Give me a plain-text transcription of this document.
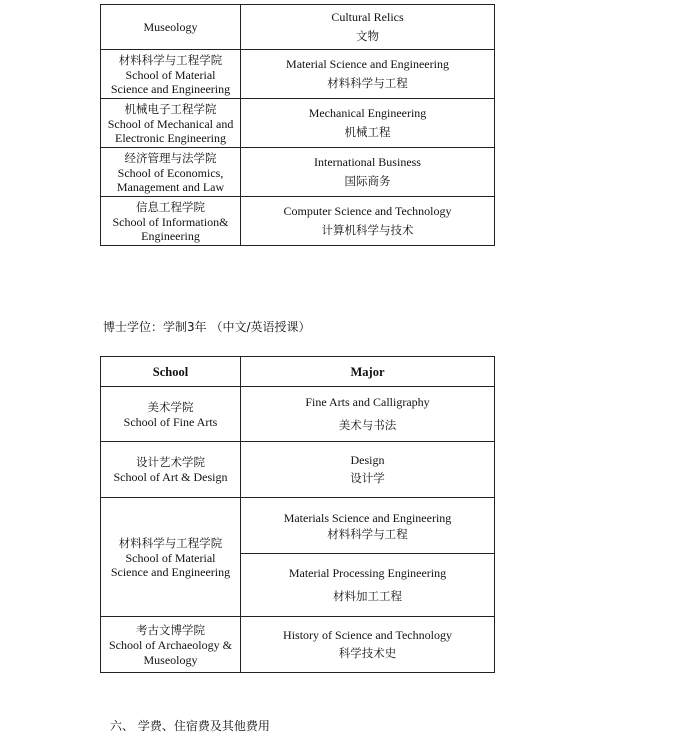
Museology	Cultural Relics
文物

材料科学与工程学院
School of Material
Science and Engineering	Material Science and Engineering
材料科学与工程

机械电子工程学院
School of Mechanical and
Electronic Engineering	Mechanical Engineering
机械工程

经济管理与法学院
School of Economics,
Management and Law	International Business
国际商务

信息工程学院
School of Information&
Engineering	Computer Science and Technology
计算机科学与技术
博士学位：学制3年 （中文/英语授课）
School	Major

美术学院
School of Fine Arts	Fine Arts and Calligraphy
美术与书法

设计艺术学院
School of Art & Design	Design
设计学

材料科学与工程学院
School of Material
Science and Engineering	Materials Science and Engineering
材料科学与工程

	Material Processing Engineering
材料加工工程

考古文博学院
School of Archaeology &
Museology	History of Science and Technology
科学技术史
六、 学费、住宿费及其他费用
